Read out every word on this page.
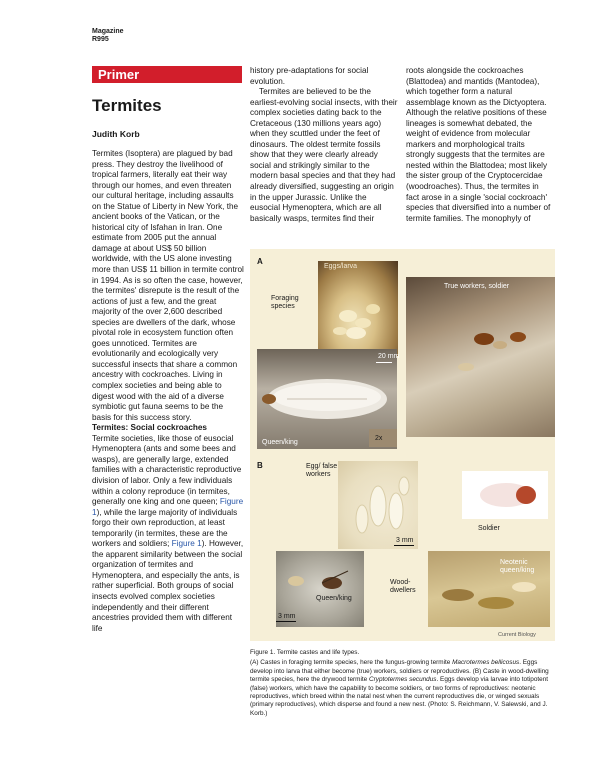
Magazine
R995
Primer
Termites
Judith Korb

Termites (Isoptera) are plagued by bad press. They destroy the livelihood of tropical farmers, literally eat their way through our homes, and even threaten our cultural heritage, including assaults on the Statue of Liberty in New York, the ancient books of the Vatican, or the historical city of Isfahan in Iran. One estimate from 2005 put the annual damage at about US$ 50 billion worldwide, with the US alone investing more than US$ 11 billion in termite control in 1994. As is so often the case, however, the termites' disrepute is the result of the actions of just a few, and the great majority of the over 2,600 described species are dwellers of the dark, whose pivotal role in ecosystem function often goes unnoticed. Termites are evolutionarily and ecologically very successful insects that share a common ancestry with cockroaches. Living in complex societies and being able to digest wood with the aid of a diverse symbiotic gut fauna seems to be the basis for this success story.

Termites: Social cockroaches

Termite societies, like those of eusocial Hymenoptera (ants and some bees and wasps), are generally large, extended families with a characteristic reproductive division of labor. Only a few individuals within a colony reproduce (in termites, generally one king and one queen; Figure 1), while the large majority of individuals forgo their own reproduction, at least temporarily (in termites, these are the workers and soldiers; Figure 1). However, the apparent similarity between the social organization of termites and Hymenoptera, and especially the ants, is rather superficial. Both groups of social insects evolved complex societies independently and their different ancestries provided them with different life

history pre-adaptations for social evolution.

Termites are believed to be the earliest-evolving social insects, with their complex societies dating back to the Cretaceous (130 millions years ago) when they scuttled under the feet of dinosaurs. The oldest termite fossils show that they were clearly already social and strikingly similar to the modern basal species and that they had already diversified, suggesting an origin in the upper Jurassic. Unlike the eusocial Hymenoptera, which are all basically wasps, termites find their

roots alongside the cockroaches (Blattodea) and mantids (Mantodea), which together form a natural assemblage known as the Dictyoptera. Although the relative positions of these lineages is somewhat debated, the weight of evidence from molecular markers and morphological traits strongly suggests that the termites are nested within the Blattodea; most likely the sister group of the Cryptocercidae (woodroaches). Thus, the termites in fact arose in a single 'social cockroach' species that diversified into a number of termite families. The monophyly of

A
Eggs/larva
Foraging species
True workers, soldier
20 mm
Queen/king
2x
B	Egg/ false workers
3 mm
Soldier
Queen/king
3 mm
Wood- dwellers
Neotenic queen/king
Current Biology
Figure 1. Termite castes and life types.
(A) Castes in foraging termite species, here the fungus-growing termite Macrotermes bellicosus. Eggs develop into larva that either become (true) workers, soldiers or reproductives. (B) Caste in wood-dwelling termite species, here the drywood termite Cryptotermes secundus. Eggs develop via larvae into totipotent (false) workers, which have the capability to become soldiers, or two forms of reproductives: neotenic reproductives, which breed within the natal nest when the current reproductives die, or winged sexuals (primary reproductives), which disperse and found a new nest. (Photo: S. Reichmann, V. Salewski, and J. Korb.)
